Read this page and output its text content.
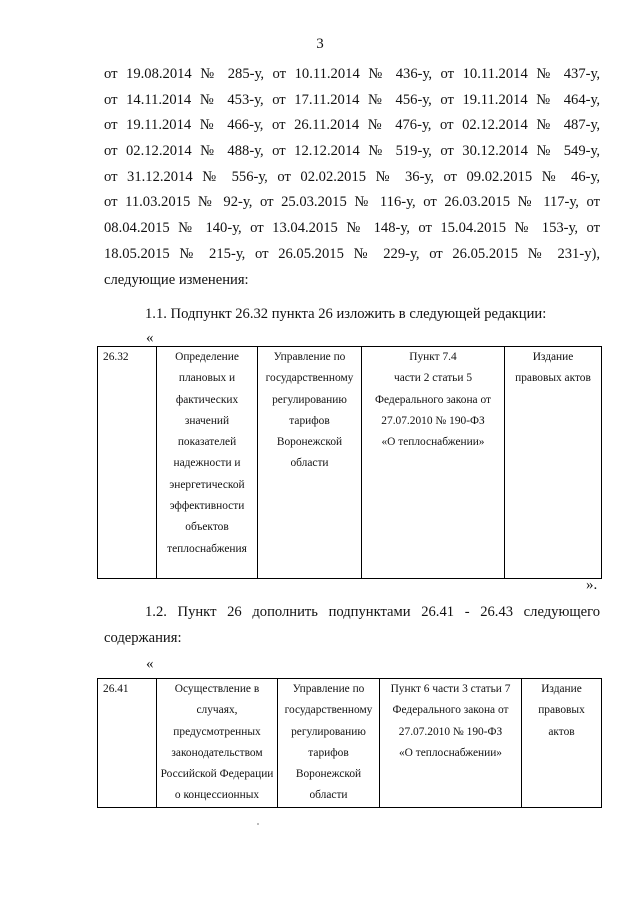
3
от 19.08.2014 № 285-у, от 10.11.2014 № 436-у, от 10.11.2014 № 437-у,
от 14.11.2014 № 453-у, от 17.11.2014 № 456-у, от 19.11.2014 № 464-у,
от 19.11.2014 № 466-у, от 26.11.2014 № 476-у, от 02.12.2014 № 487-у,
от 02.12.2014 № 488-у, от 12.12.2014 № 519-у, от 30.12.2014 № 549-у,
от 31.12.2014 № 556-у, от 02.02.2015 № 36-у, от 09.02.2015 № 46-у,
от 11.03.2015 № 92-у, от 25.03.2015 № 116-у, от 26.03.2015 № 117-у, от
08.04.2015 № 140-у, от 13.04.2015 № 148-у, от 15.04.2015 № 153-у, от
18.05.2015 № 215-у, от 26.05.2015 № 229-у, от 26.05.2015 № 231-у),
следующие изменения:
1.1. Подпункт 26.32 пункта 26 изложить в следующей редакции:
«
26.32	Определение
плановых и
фактических
значений
показателей
надежности и
энергетической
эффективности
объектов
теплоснабжения

Управление по
государственному
регулированию
тарифов
Воронежской
области

Пункт 7.4
части 2 статьи 5
Федерального закона от
27.07.2010 № 190-ФЗ
«О теплоснабжении»

Издание
правовых актов
».
1.2. Пункт 26 дополнить подпунктами 26.41 - 26.43 следующего
содержания:
«
26.41	Осуществление в
случаях,
предусмотренных
законодательством
Российской Федерации
о концессионных

Управление по
государственному
регулированию
тарифов
Воронежской
области

Пункт 6 части 3 статьи 7
Федерального закона от
27.07.2010 № 190-ФЗ
«О теплоснабжении»

Издание
правовых
актов
